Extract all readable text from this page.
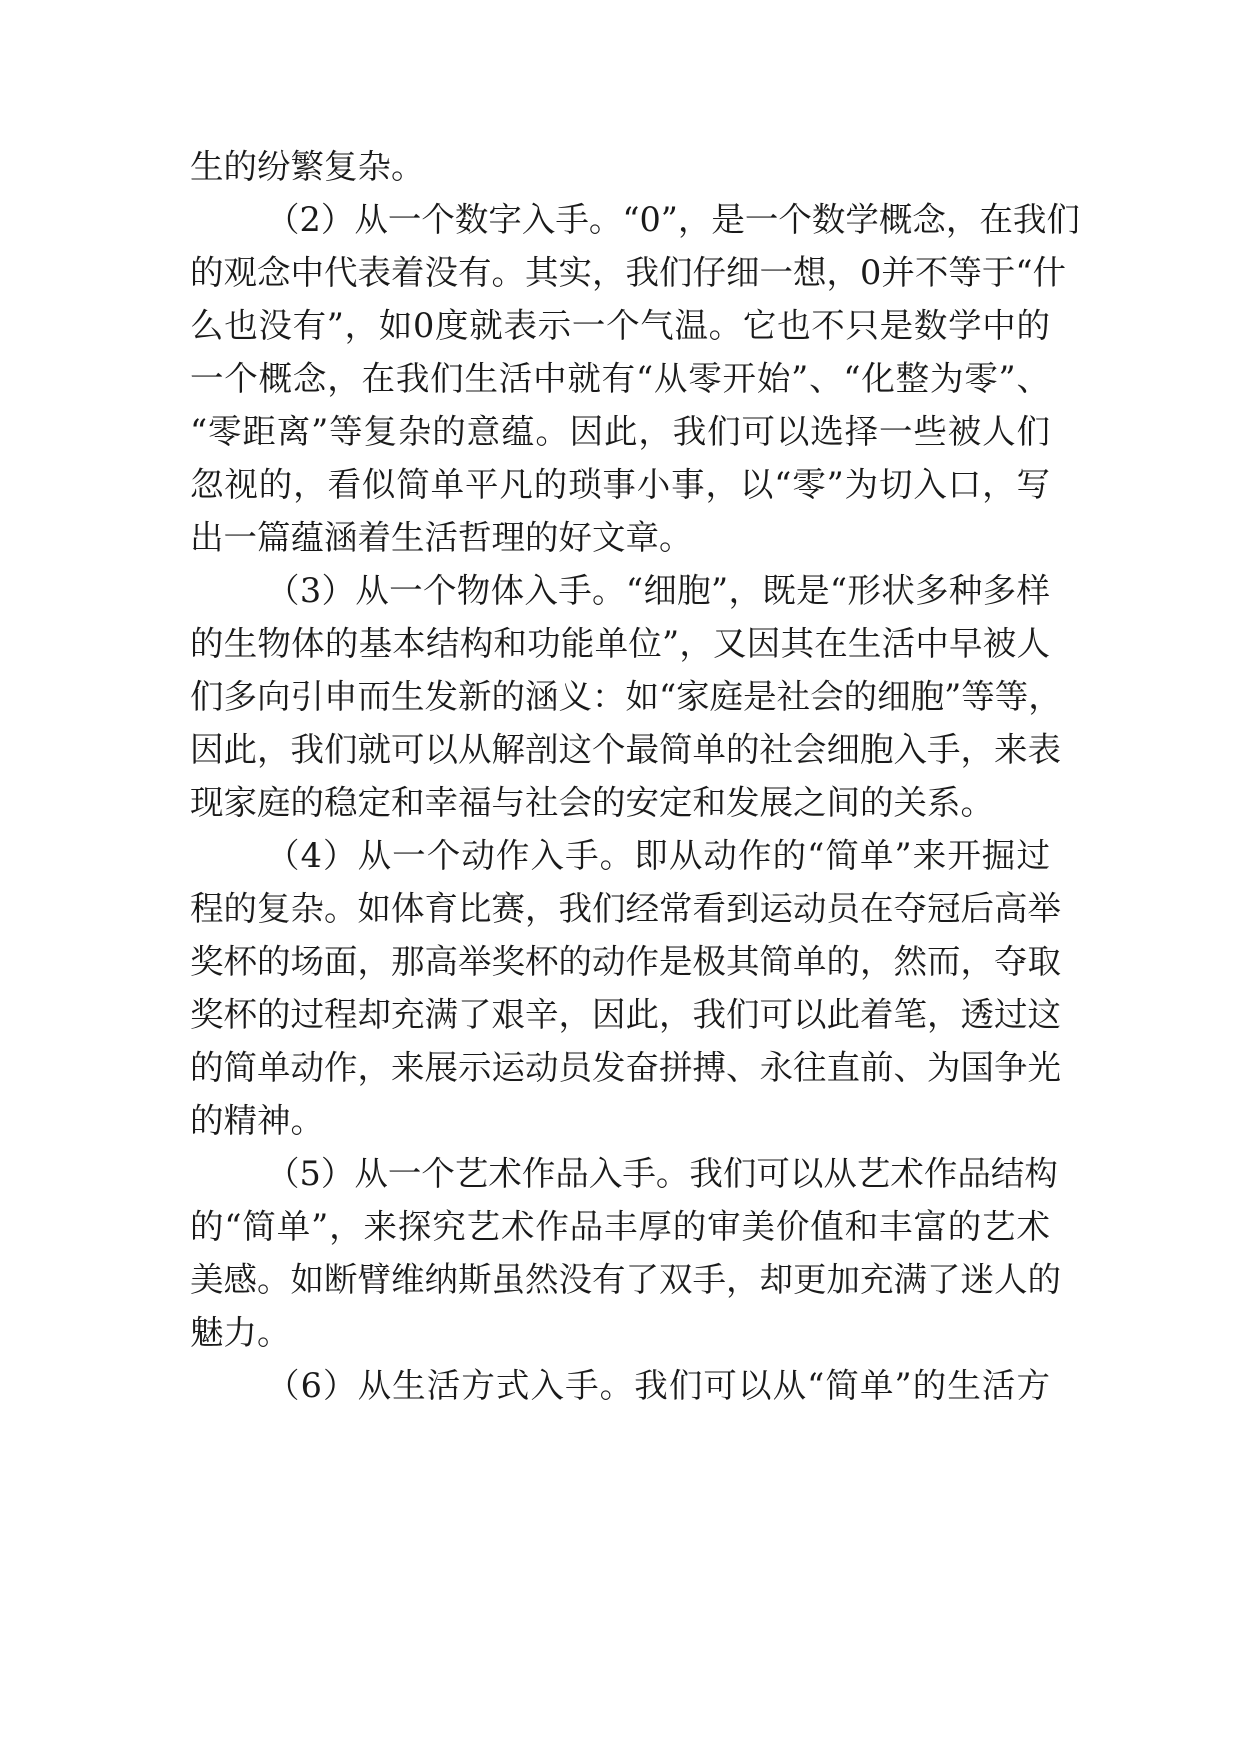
生的纷繁复杂。
（2）从一个数字入手。“0”，是一个数学概念，在我们
的观念中代表着没有。其实，我们仔细一想，0并不等于“什
么也没有”，如0度就表示一个气温。它也不只是数学中的
一个概念，在我们生活中就有“从零开始”、“化整为零”、
“零距离”等复杂的意蕴。因此，我们可以选择一些被人们
忽视的，看似简单平凡的琐事小事，以“零”为切入口，写
出一篇蕴涵着生活哲理的好文章。
（3）从一个物体入手。“细胞”，既是“形状多种多样
的生物体的基本结构和功能单位”，又因其在生活中早被人
们多向引申而生发新的涵义：如“家庭是社会的细胞”等等，
因此，我们就可以从解剖这个最简单的社会细胞入手，来表
现家庭的稳定和幸福与社会的安定和发展之间的关系。
（4）从一个动作入手。即从动作的“简单”来开掘过
程的复杂。如体育比赛，我们经常看到运动员在夺冠后高举
奖杯的场面，那高举奖杯的动作是极其简单的，然而，夺取
奖杯的过程却充满了艰辛，因此，我们可以此着笔，透过这
的简单动作，来展示运动员发奋拼搏、永往直前、为国争光
的精神。
（5）从一个艺术作品入手。我们可以从艺术作品结构
的“简单”，来探究艺术作品丰厚的审美价值和丰富的艺术
美感。如断臂维纳斯虽然没有了双手，却更加充满了迷人的
魅力。
（6）从生活方式入手。我们可以从“简单”的生活方
